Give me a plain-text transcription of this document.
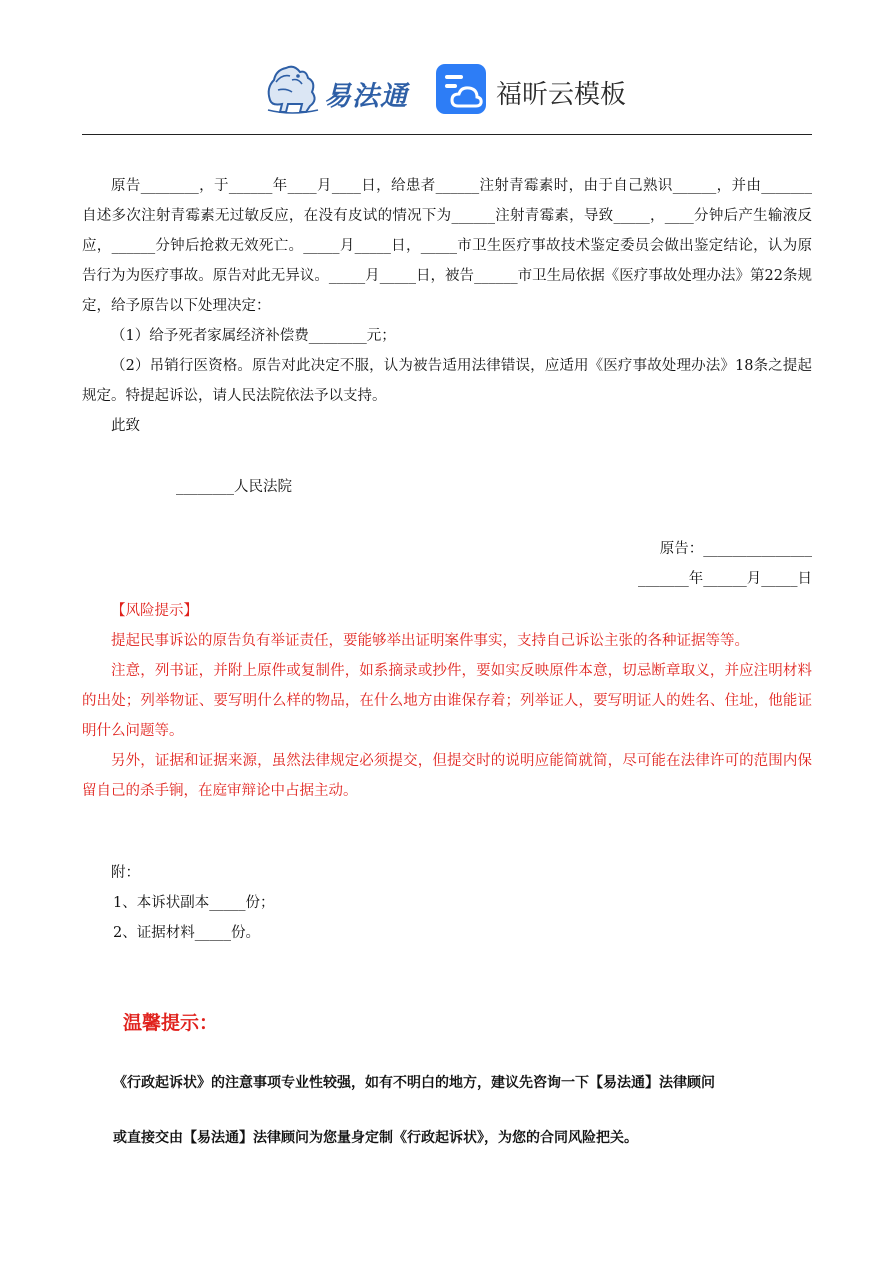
易法通	福昕云模板

原告________，于______年____月____日，给患者______注射青霉素时，由于自己熟识______，并由_______自述多次注射青霉素无过敏反应，在没有皮试的情况下为______注射青霉素，导致_____，____分钟后产生输液反应，______分钟后抢救无效死亡。_____月_____日，_____市卫生医疗事故技术鉴定委员会做出鉴定结论，认为原告行为为医疗事故。原告对此无异议。_____月_____日，被告______市卫生局依据《医疗事故处理办法》第22条规定，给予原告以下处理决定：

（1）给予死者家属经济补偿费________元；

（2）吊销行医资格。原告对此决定不服，认为被告适用法律错误，应适用《医疗事故处理办法》18条之提起规定。特提起诉讼，请人民法院依法予以支持。

此致

________人民法院
原告：_______________
_______年______月_____日

【风险提示】

提起民事诉讼的原告负有举证责任，要能够举出证明案件事实，支持自己诉讼主张的各种证据等等。

注意，列书证，并附上原件或复制件，如系摘录或抄件，要如实反映原件本意，切忌断章取义，并应注明材料的出处；列举物证、要写明什么样的物品，在什么地方由谁保存着；列举证人，要写明证人的姓名、住址，他能证明什么问题等。

另外，证据和证据来源，虽然法律规定必须提交，但提交时的说明应能简就简，尽可能在法律许可的范围内保留自己的杀手锏，在庭审辩论中占据主动。

附：

1、本诉状副本_____份；

2、证据材料_____份。

温馨提示：
《行政起诉状》的注意事项专业性较强，如有不明白的地方，建议先咨询一下【易法通】法律顾问
或直接交由【易法通】法律顾问为您量身定制《行政起诉状》，为您的合同风险把关。
